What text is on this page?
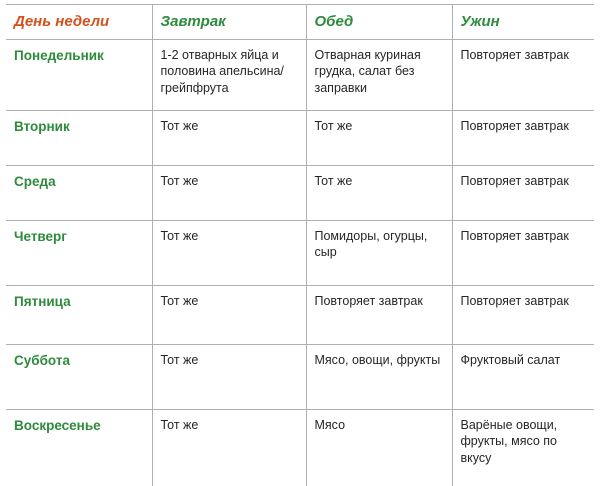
День недели	Завтрак	Обед	Ужин
Понедельник	1-2 отварных яйца и половина апельсина/грейпфрута	Отварная куриная грудка, салат без заправки	Повторяет завтрак
Вторник	Тот же	Тот же	Повторяет завтрак
Среда	Тот же	Тот же	Повторяет завтрак
Четверг	Тот же	Помидоры, огурцы, сыр	Повторяет завтрак
Пятница	Тот же	Повторяет завтрак	Повторяет завтрак
Суббота	Тот же	Мясо, овощи, фрукты	Фруктовый салат
Воскресенье	Тот же	Мясо	Варёные овощи, фрукты, мясо по вкусу
